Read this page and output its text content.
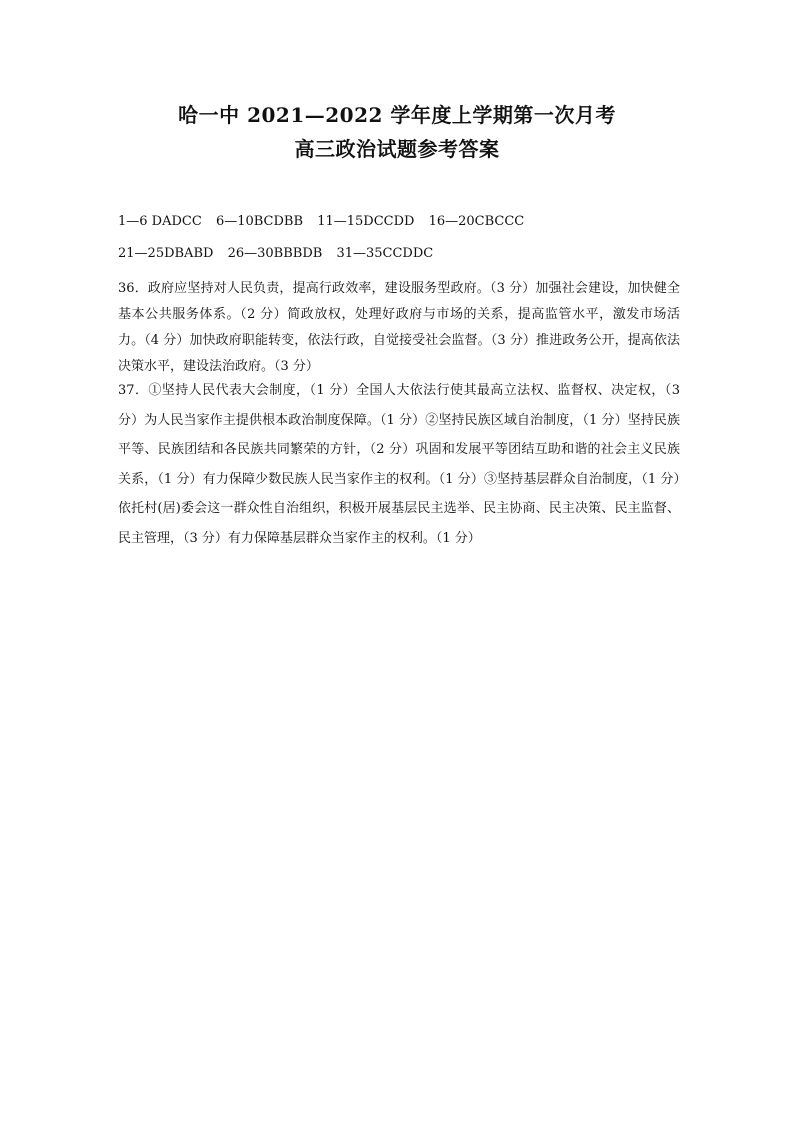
哈一中 2021—2022 学年度上学期第一次月考
高三政治试题参考答案
1—6 DADCC 6—10BCDBB 11—15DCCDD 16—20CBCCC
21—25DBABD 26—30BBBDB 31—35CCDDC
36．政府应坚持对人民负责，提高行政效率，建设服务型政府。（3 分）加强社会建设，加快健全基本公共服务体系。（2 分）简政放权，处理好政府与市场的关系，提高监管水平，激发市场活力。（4 分）加快政府职能转变，依法行政，自觉接受社会监督。（3 分）推进政务公开，提高依法决策水平，建设法治政府。（3 分）
37．①坚持人民代表大会制度，（1 分）全国人大依法行使其最高立法权、监督权、决定权，（3 分）为人民当家作主提供根本政治制度保障。（1 分）②坚持民族区域自治制度，（1 分）坚持民族平等、民族团结和各民族共同繁荣的方针，（2 分）巩固和发展平等团结互助和谐的社会主义民族关系，（1 分）有力保障少数民族人民当家作主的权利。（1 分）③坚持基层群众自治制度，（1 分）依托村(居)委会这一群众性自治组织，积极开展基层民主选举、民主协商、民主决策、民主监督、民主管理，（3 分）有力保障基层群众当家作主的权利。（1 分）
